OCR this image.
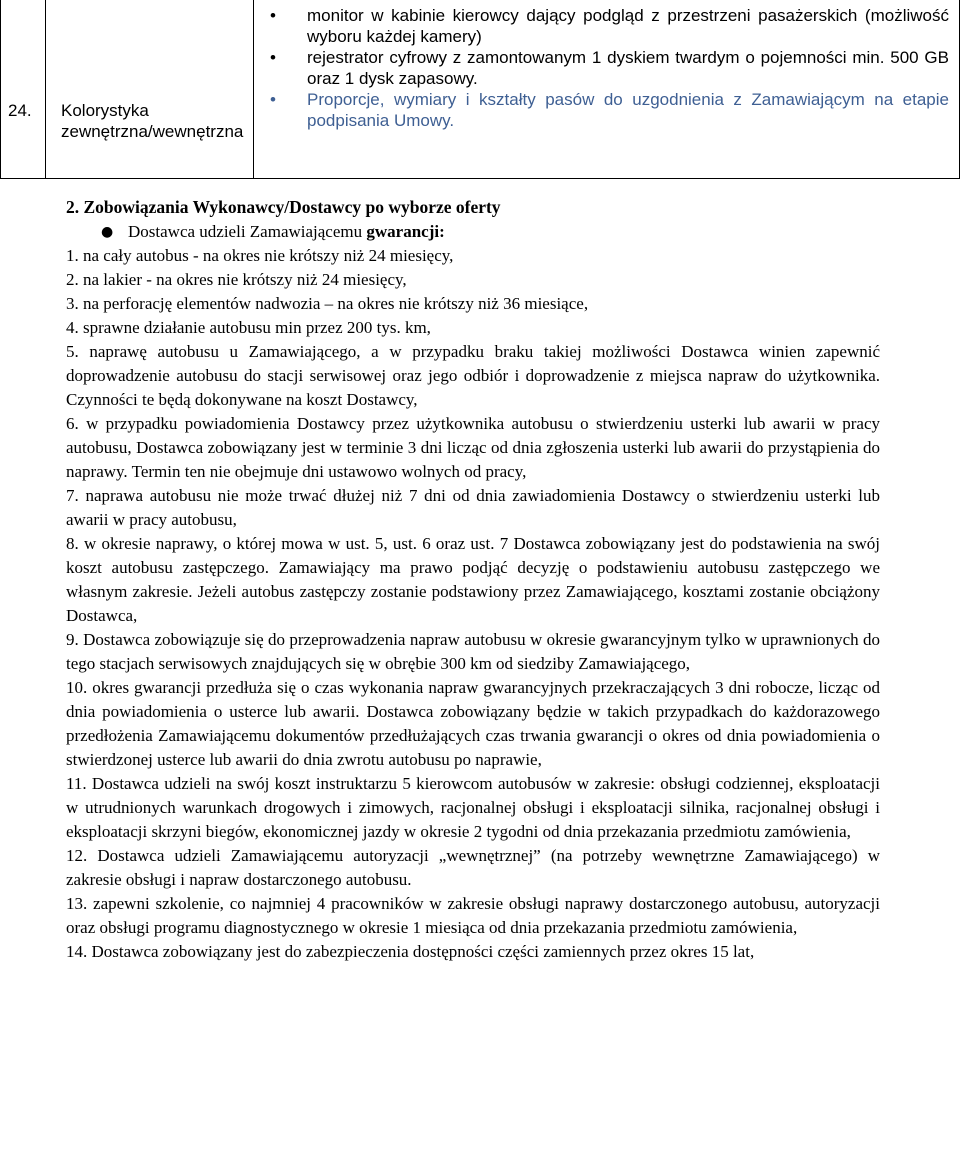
24. Kolorystyka zewnętrzna/wewnętrzna
• monitor w kabinie kierowcy dający podgląd z przestrzeni pasażerskich (możliwość wyboru każdej kamery)
• rejestrator cyfrowy z zamontowanym 1 dyskiem twardym o pojemności min. 500 GB oraz 1 dysk zapasowy.
• Proporcje, wymiary i kształty pasów do uzgodnienia z Zamawiającym na etapie podpisania Umowy.
2. Zobowiązania Wykonawcy/Dostawcy po wyborze oferty
● Dostawca udzieli Zamawiającemu gwarancji:

1. na cały autobus - na okres nie krótszy niż 24 miesięcy,

2. na lakier - na okres nie krótszy niż 24 miesięcy,

3. na perforację elementów nadwozia – na okres nie krótszy niż 36 miesiące,

4. sprawne działanie autobusu min przez 200 tys. km,

5. naprawę autobusu u Zamawiającego, a w przypadku braku takiej możliwości Dostawca winien zapewnić doprowadzenie autobusu do stacji serwisowej oraz jego odbiór i doprowadzenie z miejsca napraw do użytkownika. Czynności te będą dokonywane na koszt Dostawcy,

6. w przypadku powiadomienia Dostawcy przez użytkownika autobusu o stwierdzeniu usterki lub awarii w pracy autobusu, Dostawca zobowiązany jest w terminie 3 dni licząc od dnia zgłoszenia usterki lub awarii do przystąpienia do naprawy. Termin ten nie obejmuje dni ustawowo wolnych od pracy,

7. naprawa autobusu nie może trwać dłużej niż 7 dni od dnia zawiadomienia Dostawcy o stwierdzeniu usterki lub awarii w pracy autobusu,

8. w okresie naprawy, o której mowa w ust. 5, ust. 6 oraz ust. 7 Dostawca zobowiązany jest do podstawienia na swój koszt autobusu zastępczego. Zamawiający ma prawo podjąć decyzję o podstawieniu autobusu zastępczego we własnym zakresie. Jeżeli autobus zastępczy zostanie podstawiony przez Zamawiającego, kosztami zostanie obciążony Dostawca,

9. Dostawca zobowiązuje się do przeprowadzenia napraw autobusu w okresie gwarancyjnym tylko w uprawnionych do tego stacjach serwisowych znajdujących się w obrębie 300 km od siedziby Zamawiającego,

10. okres gwarancji przedłuża się o czas wykonania napraw gwarancyjnych przekraczających 3 dni robocze, licząc od dnia powiadomienia o usterce lub awarii. Dostawca zobowiązany będzie w takich przypadkach do każdorazowego przedłożenia Zamawiającemu dokumentów przedłużających czas trwania gwarancji o okres od dnia powiadomienia o stwierdzonej usterce lub awarii do dnia zwrotu autobusu po naprawie,

11. Dostawca udzieli na swój koszt instruktarzu 5 kierowcom autobusów w zakresie: obsługi codziennej, eksploatacji w utrudnionych warunkach drogowych i zimowych, racjonalnej obsługi i eksploatacji silnika, racjonalnej obsługi i eksploatacji skrzyni biegów, ekonomicznej jazdy w okresie 2 tygodni od dnia przekazania przedmiotu zamówienia,

12. Dostawca udzieli Zamawiającemu autoryzacji „wewnętrznej” (na potrzeby wewnętrzne Zamawiającego) w zakresie obsługi i napraw dostarczonego autobusu.

13. zapewni szkolenie, co najmniej 4 pracowników w zakresie obsługi naprawy dostarczonego autobusu, autoryzacji oraz obsługi programu diagnostycznego w okresie 1 miesiąca od dnia przekazania przedmiotu zamówienia,

14. Dostawca zobowiązany jest do zabezpieczenia dostępności części zamiennych przez okres 15 lat,
